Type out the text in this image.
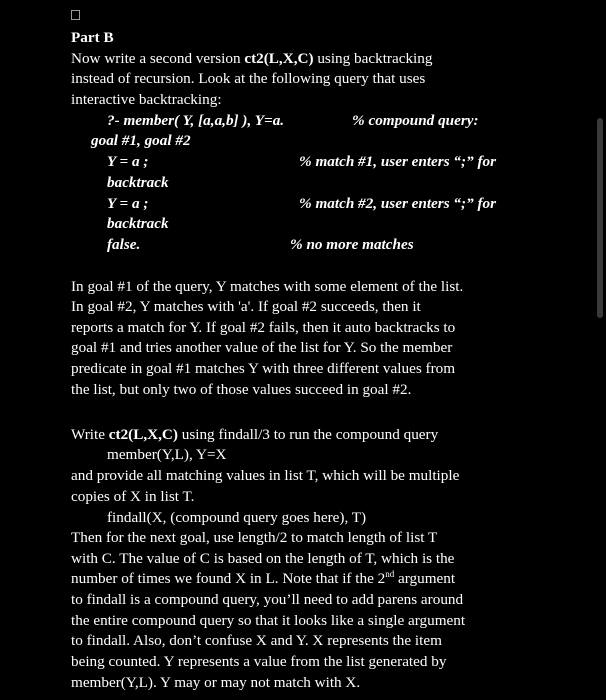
Part B
Now write a second version ct2(L,X,C) using backtracking
instead of recursion. Look at the following query that uses
interactive backtracking:
?- member( Y, [a,a,b] ), Y=a.	% compound query:
goal #1, goal #2
Y = a ;	% match #1, user enters “;” for
backtrack
Y = a ;	% match #2, user enters “;” for
backtrack
false.	% no more matches
In goal #1 of the query, Y matches with some element of the list.
In goal #2, Y matches with 'a'. If goal #2 succeeds, then it
reports a match for Y. If goal #2 fails, then it auto backtracks to
goal #1 and tries another value of the list for Y. So the member
predicate in goal #1 matches Y with three different values from
the list, but only two of those values succeed in goal #2.
Write ct2(L,X,C) using findall/3 to run the compound query
member(Y,L), Y=X
and provide all matching values in list T, which will be multiple
copies of X in list T.
findall(X, (compound query goes here), T)
Then for the next goal, use length/2 to match length of list T
with C. The value of C is based on the length of T, which is the
number of times we found X in L. Note that if the 2nd argument
to findall is a compound query, you’ll need to add parens around
the entire compound query so that it looks like a single argument
to findall. Also, don’t confuse X and Y. X represents the item
being counted. Y represents a value from the list generated by
member(Y,L). Y may or may not match with X.
